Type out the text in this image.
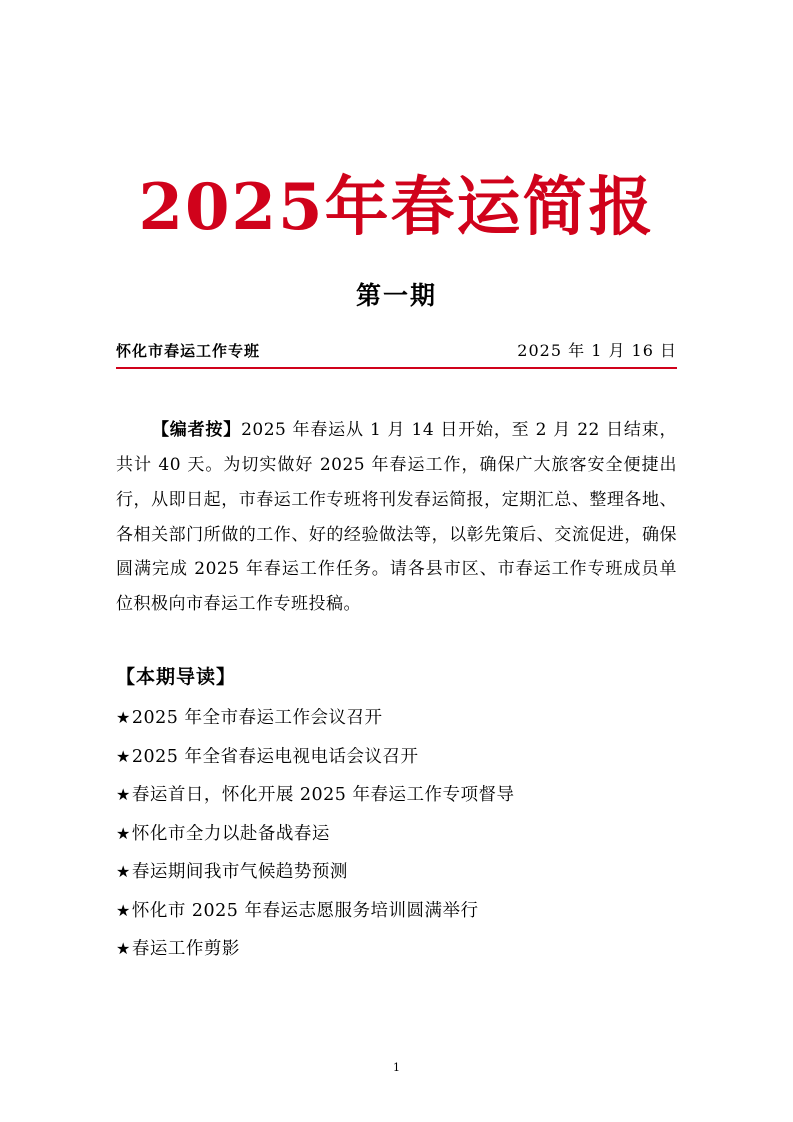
2025年春运简报
第一期
怀化市春运工作专班	2025 年 1 月 16 日

【编者按】2025 年春运从 1 月 14 日开始，至 2 月 22 日结束，共计 40 天。为切实做好 2025 年春运工作，确保广大旅客安全便捷出行，从即日起，市春运工作专班将刊发春运简报，定期汇总、整理各地、各相关部门所做的工作、好的经验做法等，以彰先策后、交流促进，确保圆满完成 2025 年春运工作任务。请各县市区、市春运工作专班成员单位积极向市春运工作专班投稿。

【本期导读】
★2025 年全市春运工作会议召开
★2025 年全省春运电视电话会议召开
★春运首日，怀化开展 2025 年春运工作专项督导
★怀化市全力以赴备战春运
★春运期间我市气候趋势预测
★怀化市 2025 年春运志愿服务培训圆满举行
★春运工作剪影
1
